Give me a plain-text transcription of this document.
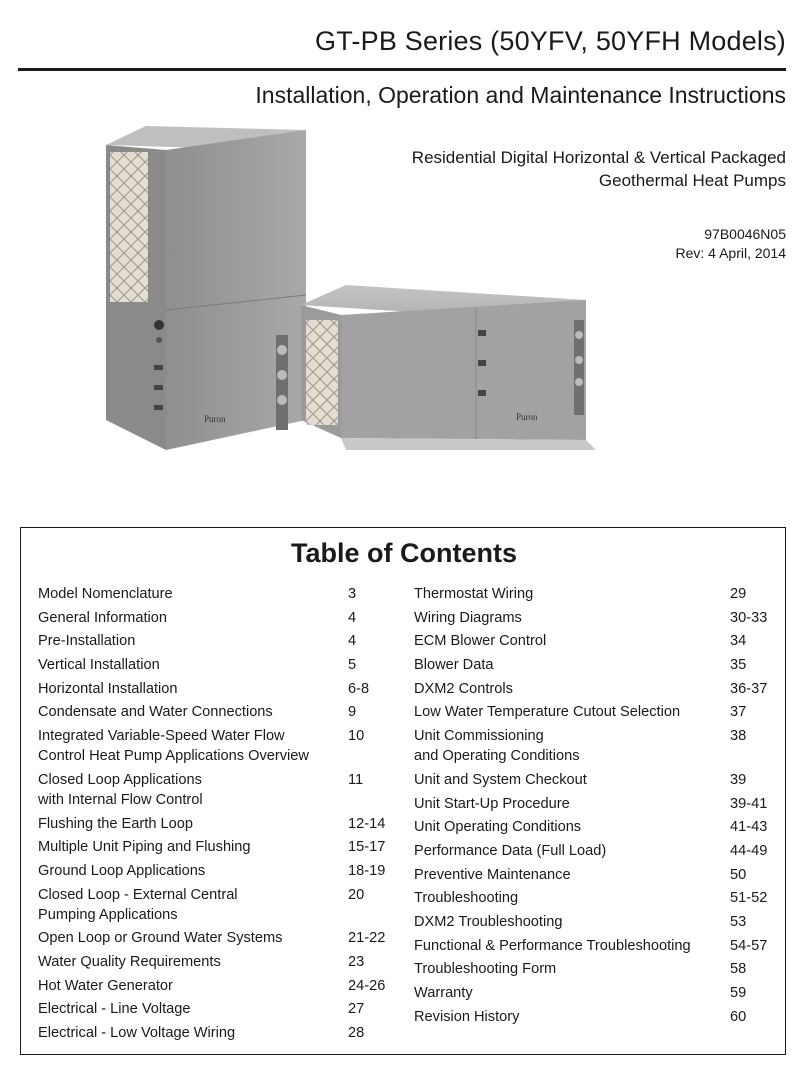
GT-PB Series (50YFV, 50YFH Models)
Installation, Operation and Maintenance Instructions
Residential Digital Horizontal & Vertical Packaged
Geothermal Heat Pumps
97B0046N05
Rev: 4 April, 2014
Puron	Puron
Table of Contents
Model Nomenclature	3
General Information	4
Pre-Installation	4
Vertical Installation	5
Horizontal Installation	6-8
Condensate and Water Connections	9
Integrated Variable-Speed Water Flow
Control Heat Pump Applications Overview
10
Closed Loop Applications
with Internal Flow Control
11
Flushing the Earth Loop	12-14
Multiple Unit Piping and Flushing	15-17
Ground Loop Applications	18-19
Closed Loop - External Central
Pumping Applications
20
Open Loop or Ground Water Systems	21-22
Water Quality Requirements	23
Hot Water Generator	24-26
Electrical - Line Voltage	27
Electrical - Low Voltage Wiring	28
Thermostat Wiring	29
Wiring Diagrams	30-33
ECM Blower Control	34
Blower Data	35
DXM2 Controls	36-37
Low Water Temperature Cutout Selection	37
Unit Commissioning
and Operating Conditions
38
Unit and System Checkout	39
Unit Start-Up Procedure	39-41
Unit Operating Conditions	41-43
Performance Data (Full Load)	44-49
Preventive Maintenance	50
Troubleshooting	51-52
DXM2 Troubleshooting	53
Functional & Performance Troubleshooting	54-57
Troubleshooting Form	58
Warranty	59
Revision History	60
